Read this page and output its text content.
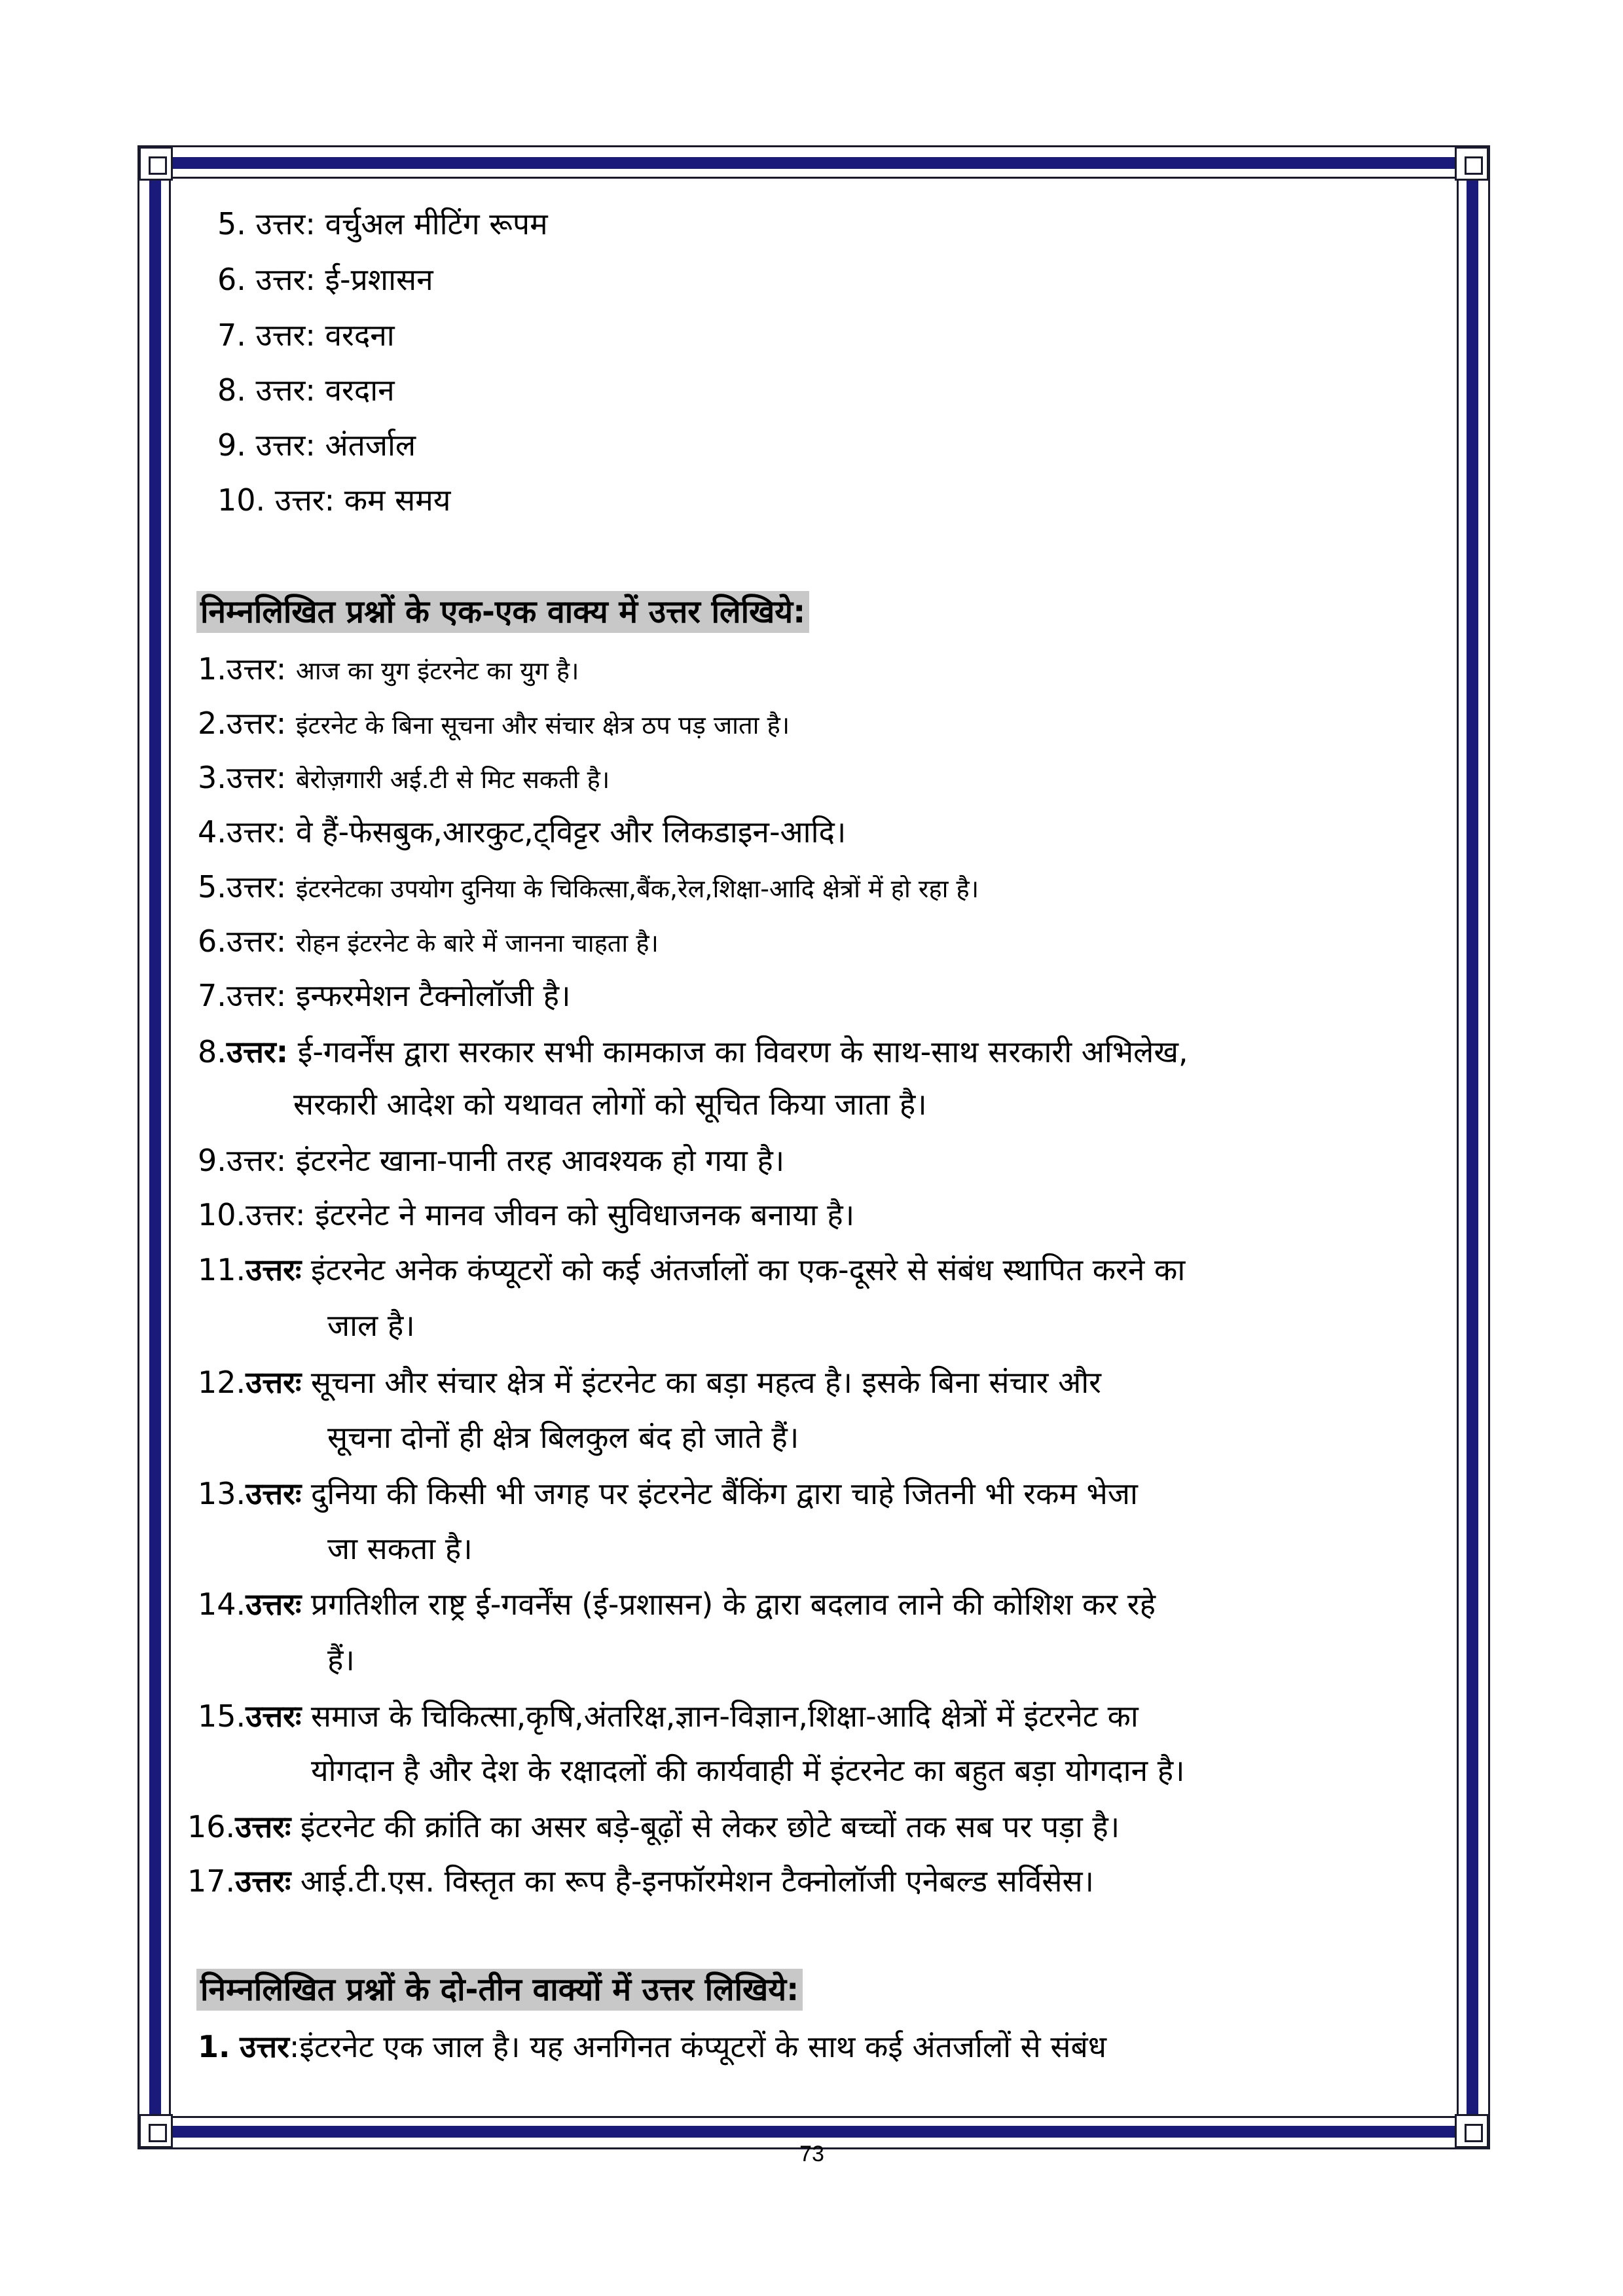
5. उत्तर: वर्चुअल मीटिंग रूपम
6. उत्तर: ई-प्रशासन
7. उत्तर: वरदना
8. उत्तर: वरदान
9. उत्तर: अंतर्जाल
10. उत्तर: कम समय
निम्नलिखित प्रश्नों के एक-एक वाक्य में उत्तर लिखिये:
1.उत्तर: आज का युग इंटरनेट का युग है।
2.उत्तर: इंटरनेट के बिना सूचना और संचार क्षेत्र ठप पड़ जाता है।
3.उत्तर: बेरोज़गारी अई.टी से मिट सकती है।
4.उत्तर: वे हैं-फेसबुक,आरकुट,ट्विट्टर और लिकडाइन-आदि।
5.उत्तर: इंटरनेटका उपयोग दुनिया के चिकित्सा,बैंक,रेल,शिक्षा-आदि क्षेत्रों में हो रहा है।
6.उत्तर: रोहन इंटरनेट के बारे में जानना चाहता है।
7.उत्तर: इन्फरमेशन टैक्नोलॉजी है।
8.उत्तर: ई-गवर्नेंस द्वारा सरकार सभी कामकाज का विवरण के साथ-साथ सरकारी अभिलेख,
सरकारी आदेश को यथावत लोगों को सूचित किया जाता है।
9.उत्तर: इंटरनेट खाना-पानी तरह आवश्यक हो गया है।
10.उत्तर: इंटरनेट ने मानव जीवन को सुविधाजनक बनाया है।
11.उत्तरः इंटरनेट अनेक कंप्यूटरों को कई अंतर्जालों का एक-दूसरे से संबंध स्थापित करने का
जाल है।
12.उत्तरः सूचना और संचार क्षेत्र में इंटरनेट का बड़ा महत्व है। इसके बिना संचार और
सूचना दोनों ही क्षेत्र बिलकुल बंद हो जाते हैं।
13.उत्तरः दुनिया की किसी भी जगह पर इंटरनेट बैंकिंग द्वारा चाहे जितनी भी रकम भेजा
जा सकता है।
14.उत्तरः प्रगतिशील राष्ट्र ई-गवर्नेंस (ई-प्रशासन) के द्वारा बदलाव लाने की कोशिश कर रहे
हैं।
15.उत्तरः समाज के चिकित्सा,कृषि,अंतरिक्ष,ज्ञान-विज्ञान,शिक्षा-आदि क्षेत्रों में इंटरनेट का
योगदान है और देश के रक्षादलों की कार्यवाही में इंटरनेट का बहुत बड़ा योगदान है।
16.उत्तरः इंटरनेट की क्रांति का असर बड़े-बूढ़ों से लेकर छोटे बच्चों तक सब पर पड़ा है।
17.उत्तरः आई.टी.एस. विस्तृत का रूप है-इनफॉरमेशन टैक्नोलॉजी एनेबल्ड सर्विसेस।
निम्नलिखित प्रश्नों के दो-तीन वाक्यों में उत्तर लिखिये:
1. उत्तर:इंटरनेट एक जाल है। यह अनगिनत कंप्यूटरों के साथ कई अंतर्जालों से संबंध
73
